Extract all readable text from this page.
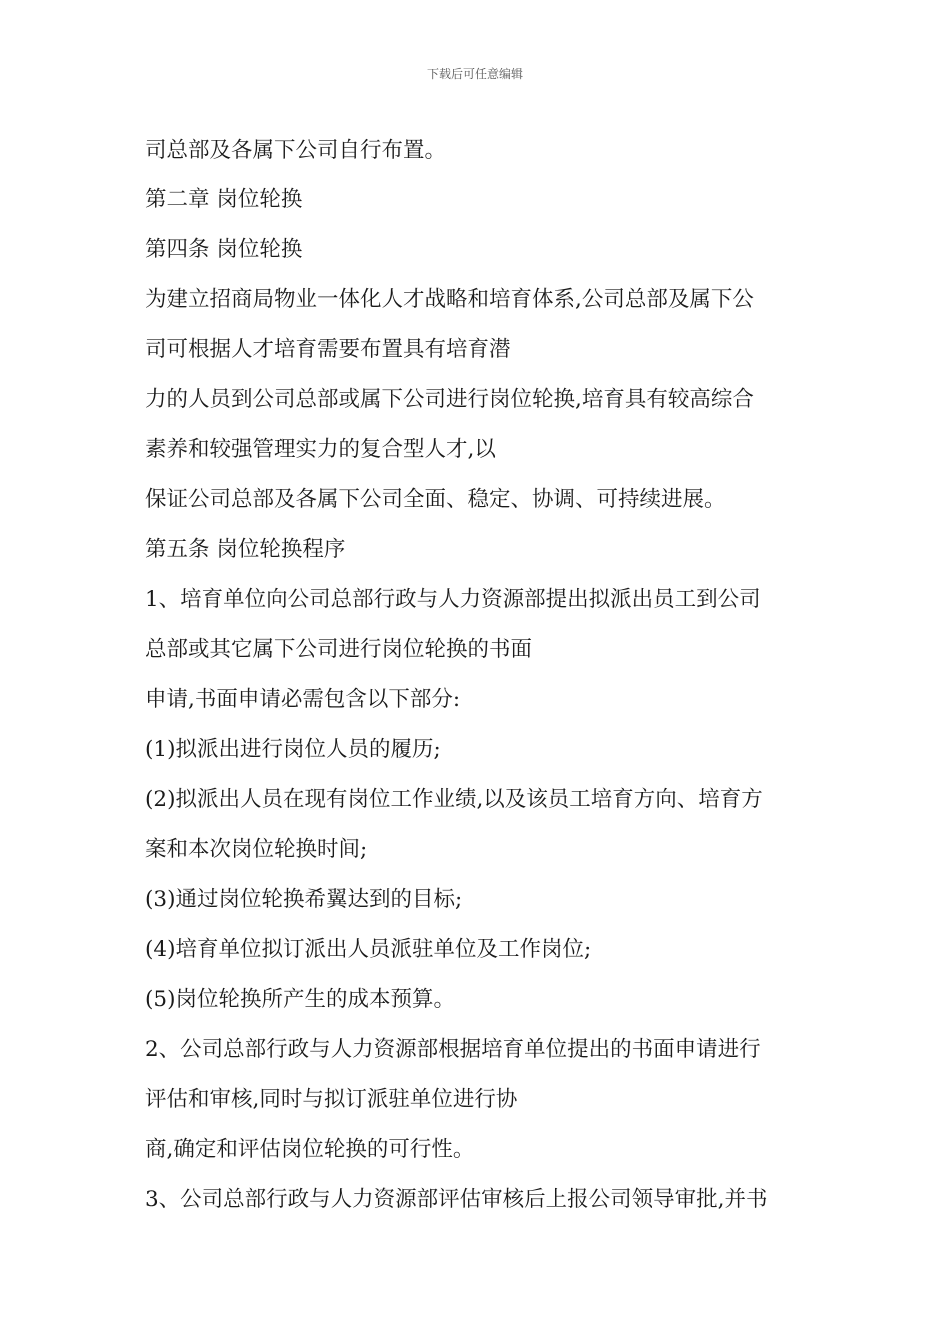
下载后可任意编辑
司总部及各属下公司自行布置。
第二章 岗位轮换
第四条 岗位轮换
为建立招商局物业一体化人才战略和培育体系,公司总部及属下公
司可根据人才培育需要布置具有培育潜
力的人员到公司总部或属下公司进行岗位轮换,培育具有较高综合
素养和较强管理实力的复合型人才,以
保证公司总部及各属下公司全面、稳定、协调、可持续进展。
第五条 岗位轮换程序
1、培育单位向公司总部行政与人力资源部提出拟派出员工到公司
总部或其它属下公司进行岗位轮换的书面
申请,书面申请必需包含以下部分:
(1)拟派出进行岗位人员的履历;
(2)拟派出人员在现有岗位工作业绩,以及该员工培育方向、培育方
案和本次岗位轮换时间;
(3)通过岗位轮换希翼达到的目标;
(4)培育单位拟订派出人员派驻单位及工作岗位;
(5)岗位轮换所产生的成本预算。
2、公司总部行政与人力资源部根据培育单位提出的书面申请进行
评估和审核,同时与拟订派驻单位进行协
商,确定和评估岗位轮换的可行性。
3、公司总部行政与人力资源部评估审核后上报公司领导审批,并书
